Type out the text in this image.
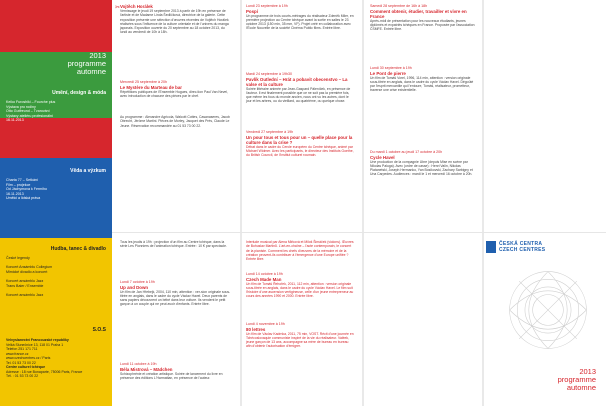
2013
programme
automne
Umění, design & móda
Keiko Furoshiki – Fourche plus
Výstava pro rodiny
Otto Gutfreund – Tvarování
Výstavy ateliéru profesionální
16.11.2013
Věda a výzkum
Charta 77 – Setkání
Film – projekce
Od Jáchymova k Fermiho
16.11.2013
Umělci a lidská práva
Hudba, tanec & divadlo
České legendy

Koncert Ansámblu Collegium
Mimické divadlo a koncert

Koncert ansámblu Jazz
Trans Baier / Ensemble

Koncert ansámblu Jazz
S.O.S
Velvyslanectví Francouzské republiky
Velká Slunečnice 13, 118 01 Praha 1
Telefon 251 171 711
www.france.cz
www.czechcentres.cz / Paris
Tel. 01 53 73 00 22
Centre culturel tchèque
Adresse : 18 rue Bonaparte, 75006 Paris, France
Tél. : 01 53 73 00 22
✂ Vojtěch Horálek
Vernissage le jeudi 19 septembre 2013 à partir de 19h en présence de l'artiste et de Madame Linda Šedlíčková, directrice de la galerie. Cette exposition présente une sélection d'œuvres récentes de Vojtěch Horálek réalisées sous l'influence de la culture orientale et de l'univers du manga japonais. Exposition ouverte du 20 septembre au 18 octobre 2013, du lundi au vendredi de 10h à 18h.
Mercredi 25 septembre à 20h
Le Mystère du Marteau de bar
Répétitions publiques de l'Ensemble Hugues, direc-tion Paul Van Nevel, avec introduction de chacune des pièces par le chef.
Au programme : Alexandre Agricola, Walcott Cottes, Casanaseres, Jacob Obrecht, Jérôme Martini. Pièces de Morley, Jacquet des Prés, Claude Le Jeune. Réservation recommandée au 01 53 73 00 22.
Tous les jeudis à 19h : projection d'un film au Centre tchèque, dans la série Les Pionniers de l'animation tchèque. Entrée : 10 € par spectacle.
Lundi 7 octobre à 19h
Up and Down
Un film de Jan Hřebejk, 2004, 110 min, attention : ver-sion originale sous-titrée en anglais, dans le cadre du cycle Václav Havel. Deux parents de sans papiers découvrent un bébé dans leur voiture. Ils vendent le petit garçon à un couple qui ne peut avoir d'enfants. Entrée libre.
Lundi 11 octobre à 19h
Béla Mistrová – Mädchen
Schizophrénie et création artistique. Soirée de lancement du livre en présence des éditions L'Harmattan, en présence de l'auteur.
Lundi 23 septembre à 19h
Pospí
Un programme de trois courts-métrages du réalisateur Zdeněk Miler, en première projection au Centre tchèque avant la sortie en salles le 23 octobre 2013 (150 min, 35 mm, VF). Projet créé en collaboration avec l'École Nouvelle de la société Cinéma Public films. Entrée libre.
Mardi 24 septembre à 19h30
Pavlík Outlední – Hrát a pobavit obecenstvo – La valse et la culture
Soirée littéraire animée par Jean-Gaspard Páleníček, en présence de l'auteur. Il est finalement possible que ce ne soit pas la première fois, que même les fous du monde ancien, nous ont vu les autres, dont le jour et les arbres, ou du vieillard, au quatrième, ou quelque chose.
Vendredi 27 septembre à 19h
Un pour tous et tous pour un – quelle place pour la culture dans la crise ?
Débat dans le cadre du Cercle européen du Centre tchèque, animé par Michael Widmer. Avec les participants, le directeur des Instituts Goethe, du British Council, de l'Institut culturel roumain.
Interlude musical par Alena Mirková et Miloš Šimáček (violons). Œuvres de Bohuslav Martinů. L'art-en-chaîne – l'acte contemporain, le concert de la pianiste. Comment les chefs d'œuvres de la mémoire et de la création peuvent-ils contribuer à l'émergence d'une Europe unifiée ? Entrée libre.
Lundi 14 octobre à 19h
Czech Made Man
Un film de Tomáš Řehořek, 2011, 112 min, attention : version originale sous-titrée en anglais, dans le cadre du cycle Václav Havel. Le film suit l'histoire d'une ascension vertigineuse, celle d'un jeune entrepreneur au cours des années 1990 et 2000. Entrée libre.
Lundi 4 novembre à 19h
80 lettres
Un film de Václav Kadrnka, 2011, 75 min, VOST. Récit d'une journée en Tchécoslovaquie communiste inspiré de la vie du réalisateur. Valéek, jeune garçon de 13 ans, accompagne sa mère de bureau en bureau afin d'obtenir l'autorisation d'émigrer.
Samedi 28 septembre de 16h à 18h
Comment obtenir, étudier, travailler et vivre en France
Après-midi de présentation pour les nouveaux étudiants, jeunes diplômés et expatriés tchèques en France. Proposée par l'association ČSMFE. Entrée libre.
Lundi 30 septembre à 19h
Le Pont de pierre
Un film de Tomáš Vorel, 1996, 114 min, attention : version originale sous-titrée en anglais, dans le cadre du cycle Václav Havel. Dégoûté par l'esprit mercantile qui l'entoure, Tomáš, réalisateur, prometteur, traverse une crise existentielle.
Du mardi 1 octobre au jeudi 17 octobre à 20h
Cycle Havel
Une production de la compagnie Ubre (depuis Mise en scène par Nikolas Paluga). Avec (ordre de casse) : Henri Valin, Nikolas Platanetski, Joseph Hermanko, Yan Bosikovski, Zachary Sarbigny et Una Carpedes. Audiences : mardi le 1 et mercredi 16 octobre à 20h.
ČESKÁ CENTRA
CZECH CENTRES
2013
programme
automne
